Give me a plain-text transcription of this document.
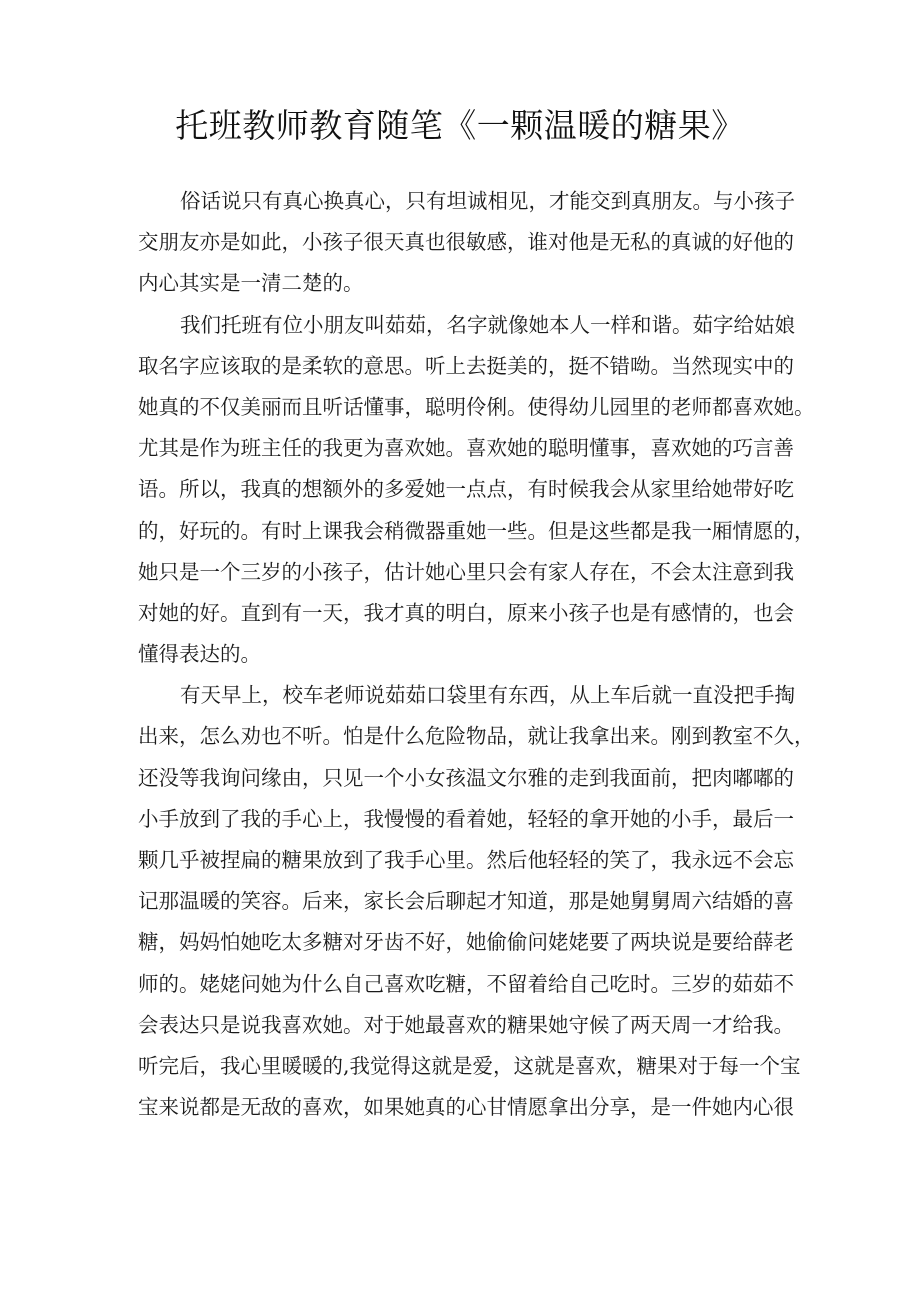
托班教师教育随笔《一颗温暖的糖果》

俗话说只有真心换真心，只有坦诚相见，才能交到真朋友。与小孩子
交朋友亦是如此，小孩子很天真也很敏感，谁对他是无私的真诚的好他的
内心其实是一清二楚的。

我们托班有位小朋友叫茹茹，名字就像她本人一样和谐。茹字给姑娘
取名字应该取的是柔软的意思。听上去挺美的，挺不错呦。当然现实中的
她真的不仅美丽而且听话懂事，聪明伶俐。使得幼儿园里的老师都喜欢她。
尤其是作为班主任的我更为喜欢她。喜欢她的聪明懂事，喜欢她的巧言善
语。所以，我真的想额外的多爱她一点点，有时候我会从家里给她带好吃
的，好玩的。有时上课我会稍微器重她一些。但是这些都是我一厢情愿的，
她只是一个三岁的小孩子，估计她心里只会有家人存在，不会太注意到我
对她的好。直到有一天，我才真的明白，原来小孩子也是有感情的，也会
懂得表达的。

有天早上，校车老师说茹茹口袋里有东西，从上车后就一直没把手掏
出来，怎么劝也不听。怕是什么危险物品，就让我拿出来。刚到教室不久，
还没等我询问缘由，只见一个小女孩温文尔雅的走到我面前，把肉嘟嘟的
小手放到了我的手心上，我慢慢的看着她，轻轻的拿开她的小手，最后一
颗几乎被捏扁的糖果放到了我手心里。然后他轻轻的笑了，我永远不会忘
记那温暖的笑容。后来，家长会后聊起才知道，那是她舅舅周六结婚的喜
糖，妈妈怕她吃太多糖对牙齿不好，她偷偷问姥姥要了两块说是要给薛老
师的。姥姥问她为什么自己喜欢吃糖，不留着给自己吃时。三岁的茹茹不
会表达只是说我喜欢她。对于她最喜欢的糖果她守候了两天周一才给我。
听完后，我心里暖暖的,我觉得这就是爱，这就是喜欢，糖果对于每一个宝
宝来说都是无敌的喜欢，如果她真的心甘情愿拿出分享，是一件她内心很
